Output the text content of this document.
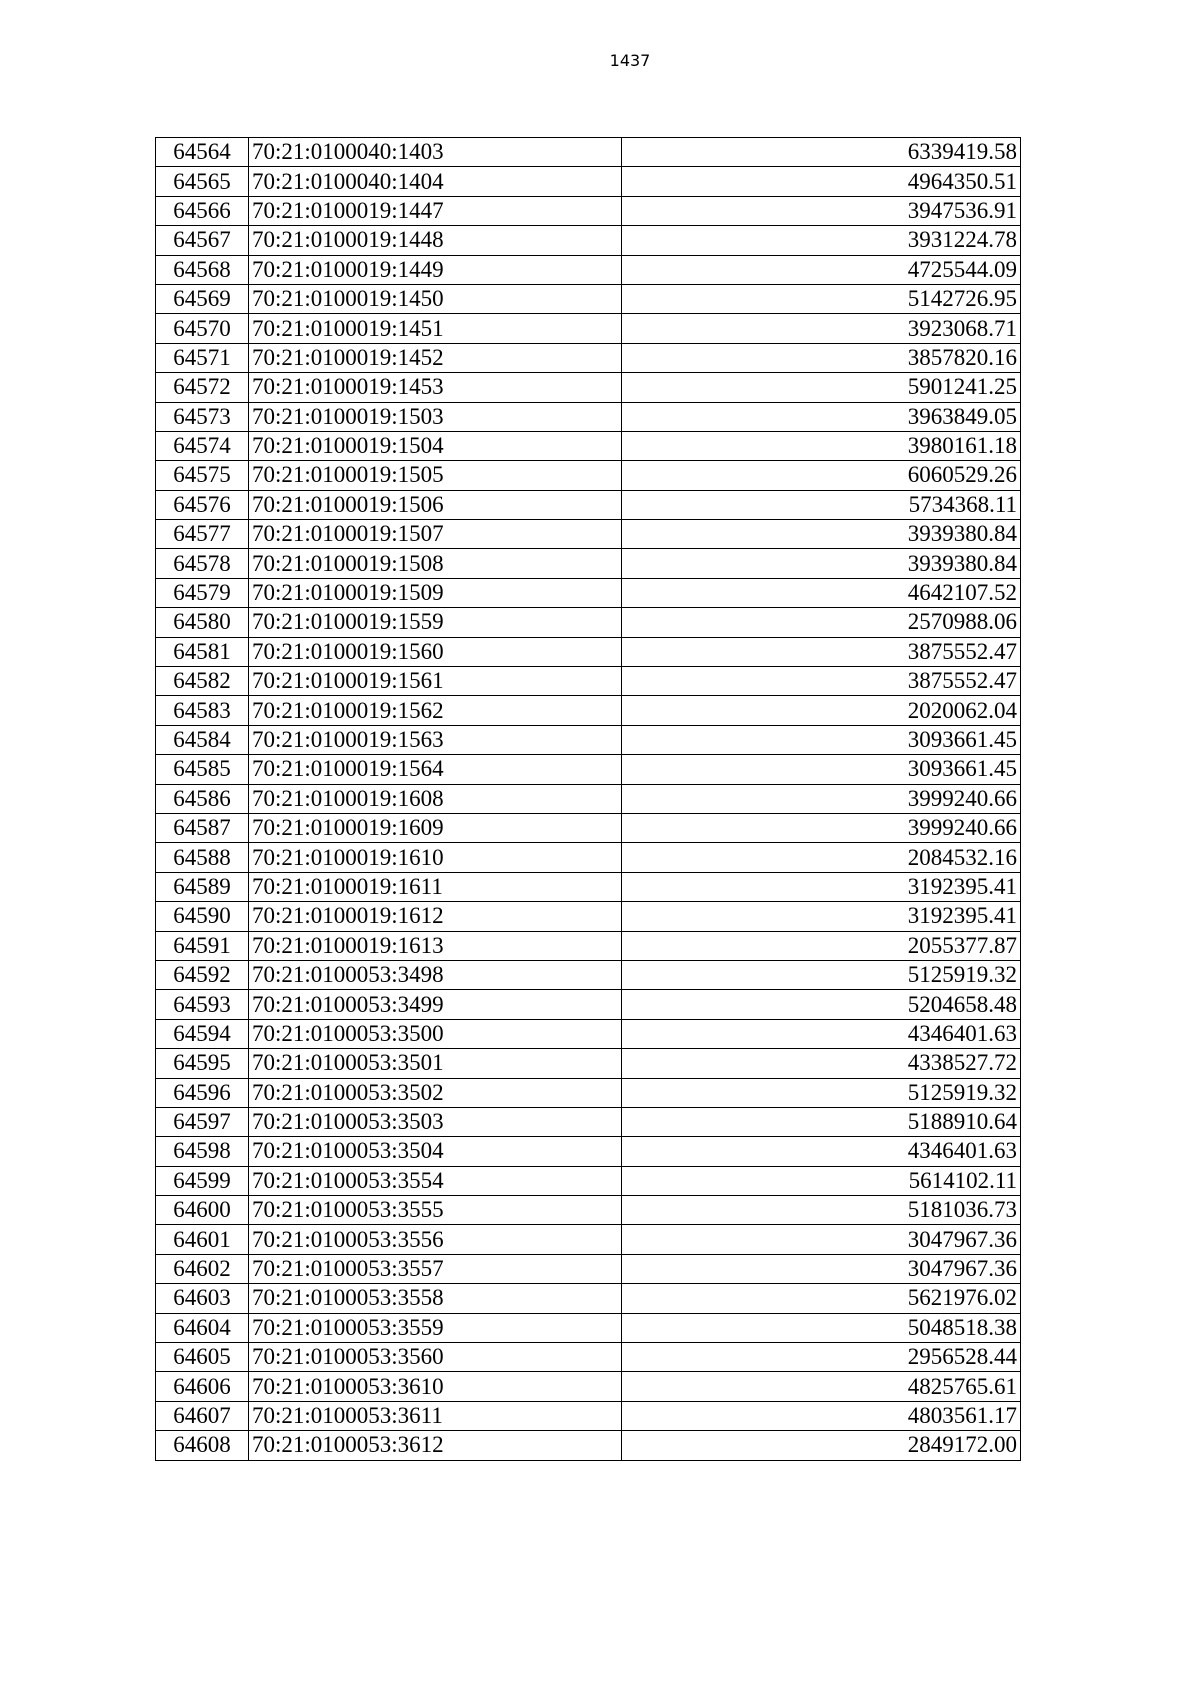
1437
64564	70:21:0100040:1403	6339419.58
64565	70:21:0100040:1404	4964350.51
64566	70:21:0100019:1447	3947536.91
64567	70:21:0100019:1448	3931224.78
64568	70:21:0100019:1449	4725544.09
64569	70:21:0100019:1450	5142726.95
64570	70:21:0100019:1451	3923068.71
64571	70:21:0100019:1452	3857820.16
64572	70:21:0100019:1453	5901241.25
64573	70:21:0100019:1503	3963849.05
64574	70:21:0100019:1504	3980161.18
64575	70:21:0100019:1505	6060529.26
64576	70:21:0100019:1506	5734368.11
64577	70:21:0100019:1507	3939380.84
64578	70:21:0100019:1508	3939380.84
64579	70:21:0100019:1509	4642107.52
64580	70:21:0100019:1559	2570988.06
64581	70:21:0100019:1560	3875552.47
64582	70:21:0100019:1561	3875552.47
64583	70:21:0100019:1562	2020062.04
64584	70:21:0100019:1563	3093661.45
64585	70:21:0100019:1564	3093661.45
64586	70:21:0100019:1608	3999240.66
64587	70:21:0100019:1609	3999240.66
64588	70:21:0100019:1610	2084532.16
64589	70:21:0100019:1611	3192395.41
64590	70:21:0100019:1612	3192395.41
64591	70:21:0100019:1613	2055377.87
64592	70:21:0100053:3498	5125919.32
64593	70:21:0100053:3499	5204658.48
64594	70:21:0100053:3500	4346401.63
64595	70:21:0100053:3501	4338527.72
64596	70:21:0100053:3502	5125919.32
64597	70:21:0100053:3503	5188910.64
64598	70:21:0100053:3504	4346401.63
64599	70:21:0100053:3554	5614102.11
64600	70:21:0100053:3555	5181036.73
64601	70:21:0100053:3556	3047967.36
64602	70:21:0100053:3557	3047967.36
64603	70:21:0100053:3558	5621976.02
64604	70:21:0100053:3559	5048518.38
64605	70:21:0100053:3560	2956528.44
64606	70:21:0100053:3610	4825765.61
64607	70:21:0100053:3611	4803561.17
64608	70:21:0100053:3612	2849172.00
